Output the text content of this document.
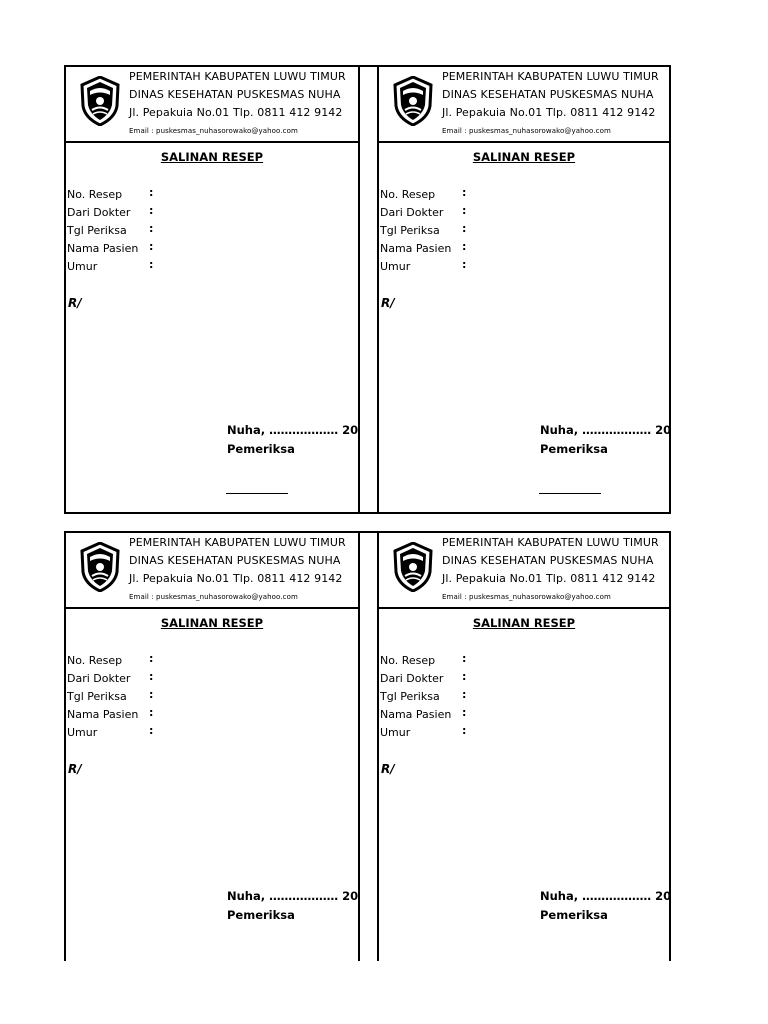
PEMERINTAH KABUPATEN LUWU TIMUR
DINAS KESEHATAN PUSKESMAS NUHA
Jl. Pepakuia No.01 Tlp. 0811 412 9142
Email : puskesmas_nuhasorowako@yahoo.com
SALINAN RESEP
No. Resep :
Dari Dokter :
Tgl Periksa :
Nama Pasien :
Umur	:
R/
Nuha, ……………… 20
Pemeriksa
PEMERINTAH KABUPATEN LUWU TIMUR
DINAS KESEHATAN PUSKESMAS NUHA
Jl. Pepakuia No.01 Tlp. 0811 412 9142
Email : puskesmas_nuhasorowako@yahoo.com
SALINAN RESEP
No. Resep :
Dari Dokter :
Tgl Periksa :
Nama Pasien :
Umur	:
R/
Nuha, ……………… 20
Pemeriksa
PEMERINTAH KABUPATEN LUWU TIMUR
DINAS KESEHATAN PUSKESMAS NUHA
Jl. Pepakuia No.01 Tlp. 0811 412 9142
Email : puskesmas_nuhasorowako@yahoo.com
SALINAN RESEP
No. Resep :
Dari Dokter :
Tgl Periksa :
Nama Pasien :
Umur	:
R/
Nuha, ……………… 20
Pemeriksa
PEMERINTAH KABUPATEN LUWU TIMUR
DINAS KESEHATAN PUSKESMAS NUHA
Jl. Pepakuia No.01 Tlp. 0811 412 9142
Email : puskesmas_nuhasorowako@yahoo.com
SALINAN RESEP
No. Resep :
Dari Dokter :
Tgl Periksa :
Nama Pasien :
Umur	:
R/
Nuha, ……………… 20
Pemeriksa
